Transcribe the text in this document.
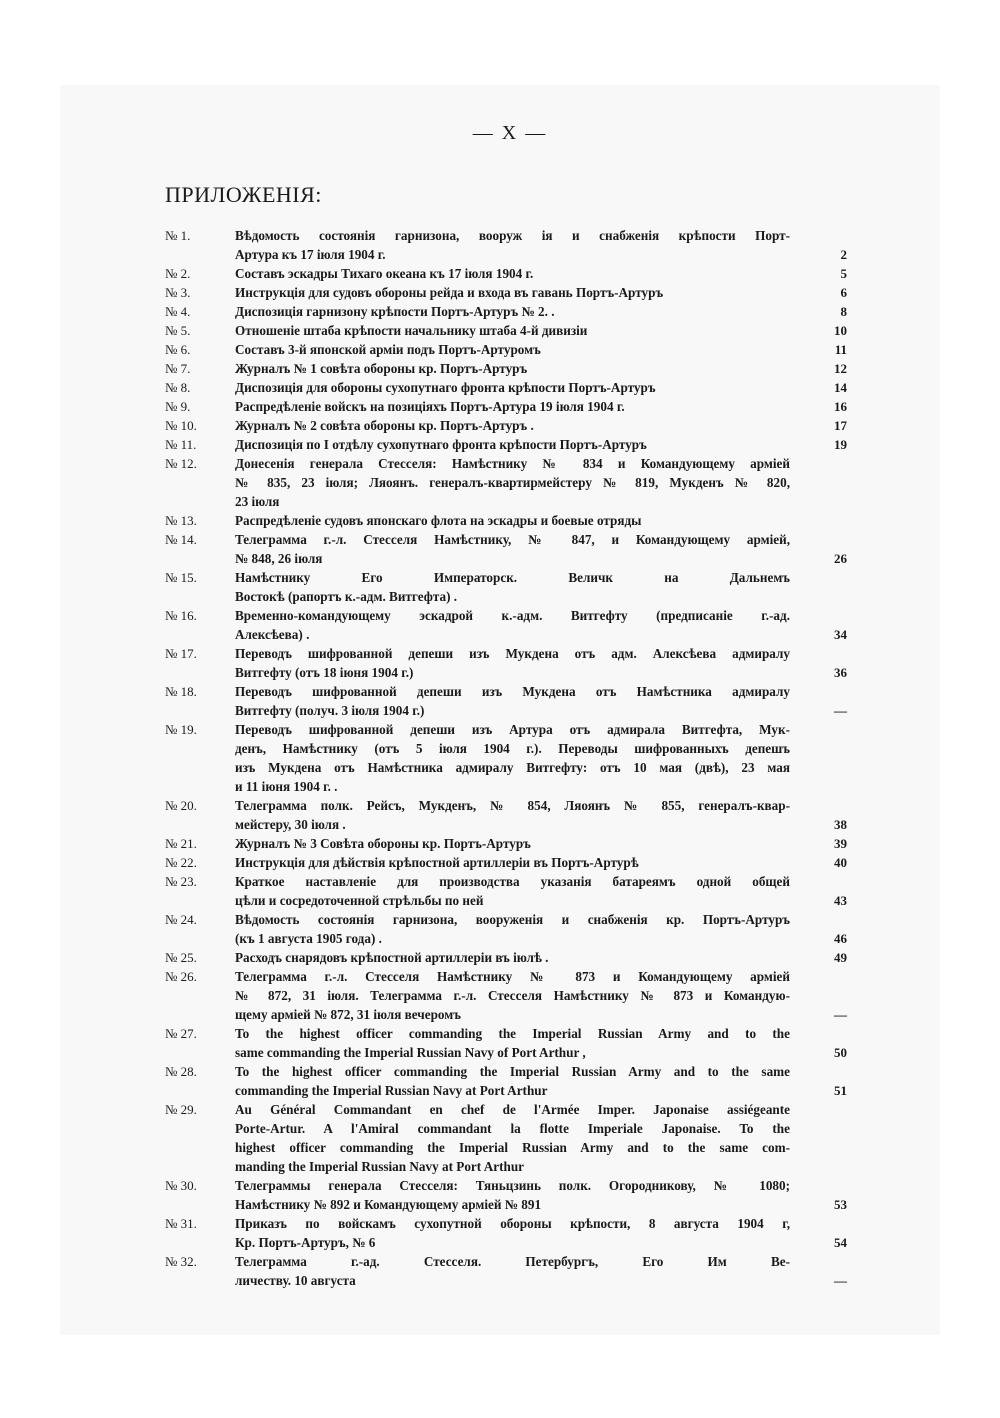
— X —
ПРИЛОЖЕНІЯ:
№ 1.	Вѣдомость состоянія гарнизона, вооруж ія и снабженія крѣпости Порт-
Артура къ 17 іюля 1904 г.	2
№ 2.	Составъ эскадры Тихаго океана къ 17 іюля 1904 г.	5
№ 3.	Инструкція для судовъ обороны рейда и входа въ гавань Портъ-Артуръ	6
№ 4.	Диспозиція гарнизону крѣпости Портъ-Артуръ № 2. .	8
№ 5.	Отношеніе штаба крѣпости начальнику штаба 4-й дивизіи	10
№ 6.	Составъ 3-й японской арміи подъ Портъ-Артуромъ	11
№ 7.	Журналъ № 1 совѣта обороны кр. Портъ-Артуръ	12
№ 8.	Диспозиція для обороны сухопутнаго фронта крѣпости Портъ-Артуръ	14
№ 9.	Распредѣленіе войскъ на позиціяхъ Портъ-Артура 19 іюля 1904 г.	16
№ 10.	Журналъ № 2 совѣта обороны кр. Портъ-Артуръ .	17
№ 11.	Диспозиція по I отдѣлу сухопутнаго фронта крѣпости Портъ-Артуръ	19
№ 12.	Донесенія генерала Стесселя: Намѣстнику № 834 и Командующему арміей
№ 835, 23 іюля; Ляоянъ. генералъ-квартирмейстеру № 819, Мукденъ № 820,
23 іюля
№ 13.	Распредѣленіе судовъ японскаго флота на эскадры и боевые отряды
№ 14.	Телеграмма г.-л. Стесселя Намѣстнику, № 847, и Командующему арміей,
№ 848, 26 іюля	26
№ 15.	Намѣстнику Его Императорск. Величк на Дальнемъ
Востокѣ (рапортъ к.-адм. Витгефта) .
№ 16.	Временно-командующему эскадрой к.-адм. Витгефту (предписаніе г.-ад.
Алексѣева) .	34
№ 17.	Переводъ шифрованной депеши изъ Мукдена отъ адм. Алексѣева адмиралу
Витгефту (отъ 18 іюня 1904 г.)	36
№ 18.	Переводъ шифрованной депеши изъ Мукдена отъ Намѣстника адмиралу
Витгефту (получ. 3 іюля 1904 г.)	—
№ 19.	Переводъ шифрованной депеши изъ Артура отъ адмирала Витгефта, Мук-
денъ, Намѣстнику (отъ 5 іюля 1904 г.). Переводы шифрованныхъ депешъ
изъ Мукдена отъ Намѣстника адмиралу Витгефту: отъ 10 мая (двѣ), 23 мая
и 11 іюня 1904 г. .
№ 20.	Телеграмма полк. Рейсъ, Мукденъ, № 854, Ляоянъ № 855, генералъ-квар-
мейстеру, 30 іюля .	38
№ 21.	Журналъ № 3 Совѣта обороны кр. Портъ-Артуръ	39
№ 22.	Инструкція для дѣйствія крѣпостной артиллеріи въ Портъ-Артурѣ	40
№ 23.	Краткое наставленіе для производства указанія батареямъ одной общей
цѣли и сосредоточенной стрѣльбы по ней	43
№ 24.	Вѣдомость состоянія гарнизона, вооруженія и снабженія кр. Портъ-Артуръ
(къ 1 августа 1905 года) .	46
№ 25.	Расходъ снарядовъ крѣпостной артиллеріи въ іюлѣ .	49
№ 26.	Телеграмма г.-л. Стесселя Намѣстнику № 873 и Командующему арміей
№ 872, 31 іюля. Телеграмма г.-л. Стесселя Намѣстнику № 873 и Командую-
щему арміей № 872, 31 іюля вечеромъ	—
№ 27.	To the highest officer commanding the Imperial Russian Army and to the
same commanding the Imperial Russian Navy of Port Arthur ,	50
№ 28.	To the highest officer commanding the Imperial Russian Army and to the same
commanding the Imperial Russian Navy at Port Arthur	51
№ 29.	Au Général Commandant en chef de l'Armée Imper. Japonaise assiégeante
Porte-Artur. A l'Amiral commandant la flotte Imperiale Japonaise. To the
highest officer commanding the Imperial Russian Army and to the same com-
manding the Imperial Russian Navy at Port Arthur
№ 30.	Телеграммы генерала Стесселя: Тяньцзинь полк. Огородникову, № 1080;
Намѣстнику № 892 и Командующему арміей № 891	53
№ 31.	Приказъ по войскамъ сухопутной обороны крѣпости, 8 августа 1904 г,
Кр. Портъ-Артуръ, № 6	54
№ 32.	Телеграмма г.-ад. Стесселя. Петербургъ, Его Им Ве-
личеству. 10 августа	—
